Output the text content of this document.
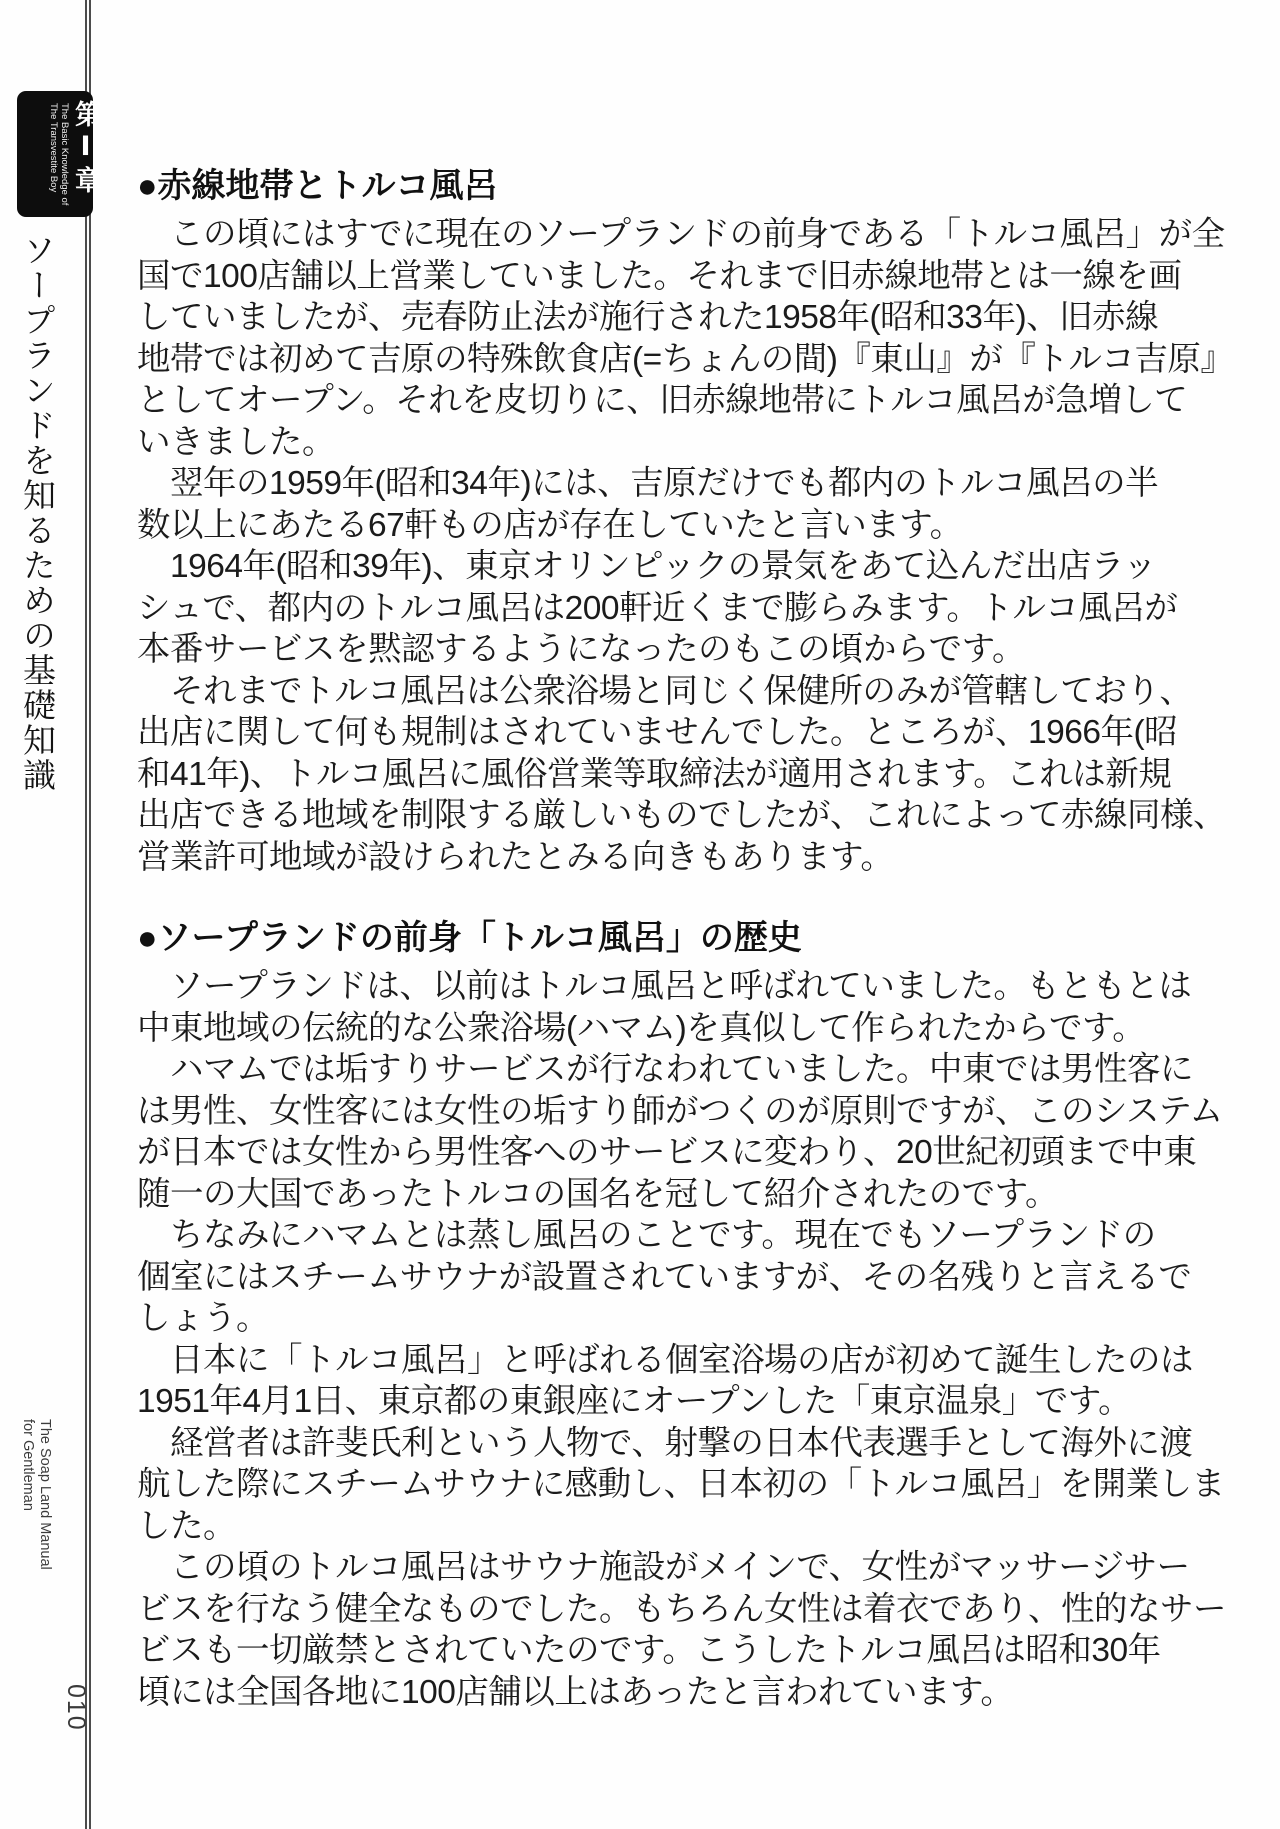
The Basic Knowledge of
The Transvestite Boy 第Ⅰ章
ソープランドを知るための基礎知識
The Soap Land Manual
for Gentleman
010
●赤線地帯とトルコ風呂
　この頃にはすでに現在のソープランドの前身である「トルコ風呂」が全
国で100店舗以上営業していました。それまで旧赤線地帯とは一線を画
していましたが、売春防止法が施行された1958年(昭和33年)、旧赤線
地帯では初めて吉原の特殊飲食店(=ちょんの間)『東山』が『トルコ吉原』
としてオープン。それを皮切りに、旧赤線地帯にトルコ風呂が急増して
いきました。
　翌年の1959年(昭和34年)には、吉原だけでも都内のトルコ風呂の半
数以上にあたる67軒もの店が存在していたと言います。
　1964年(昭和39年)、東京オリンピックの景気をあて込んだ出店ラッ
シュで、都内のトルコ風呂は200軒近くまで膨らみます。トルコ風呂が
本番サービスを黙認するようになったのもこの頃からです。
　それまでトルコ風呂は公衆浴場と同じく保健所のみが管轄しており、
出店に関して何も規制はされていませんでした。ところが、1966年(昭
和41年)、トルコ風呂に風俗営業等取締法が適用されます。これは新規
出店できる地域を制限する厳しいものでしたが、これによって赤線同様、
営業許可地域が設けられたとみる向きもあります。
●ソープランドの前身「トルコ風呂」の歴史
　ソープランドは、以前はトルコ風呂と呼ばれていました。もともとは
中東地域の伝統的な公衆浴場(ハマム)を真似して作られたからです。
　ハマムでは垢すりサービスが行なわれていました。中東では男性客に
は男性、女性客には女性の垢すり師がつくのが原則ですが、このシステム
が日本では女性から男性客へのサービスに変わり、20世紀初頭まで中東
随一の大国であったトルコの国名を冠して紹介されたのです。
　ちなみにハマムとは蒸し風呂のことです。現在でもソープランドの
個室にはスチームサウナが設置されていますが、その名残りと言えるで
しょう。
　日本に「トルコ風呂」と呼ばれる個室浴場の店が初めて誕生したのは
1951年4月1日、東京都の東銀座にオープンした「東京温泉」です。
　経営者は許斐氏利という人物で、射撃の日本代表選手として海外に渡
航した際にスチームサウナに感動し、日本初の「トルコ風呂」を開業しま
した。
　この頃のトルコ風呂はサウナ施設がメインで、女性がマッサージサー
ビスを行なう健全なものでした。もちろん女性は着衣であり、性的なサー
ビスも一切厳禁とされていたのです。こうしたトルコ風呂は昭和30年
頃には全国各地に100店舗以上はあったと言われています。
